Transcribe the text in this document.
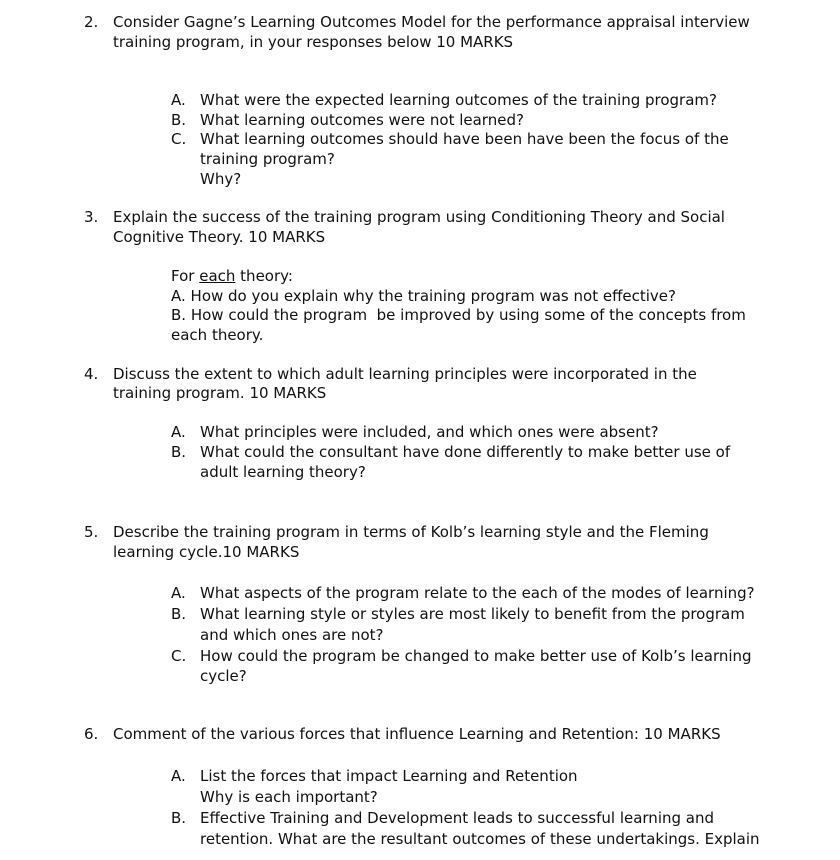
2. Consider Gagne’s Learning Outcomes Model for the performance appraisal interview
training program, in your responses below 10 MARKS
A. What were the expected learning outcomes of the training program?
B. What learning outcomes were not learned?
C. What learning outcomes should have been have been the focus of the
training program?
Why?
3. Explain the success of the training program using Conditioning Theory and Social
Cognitive Theory. 10 MARKS
For each theory:
A. How do you explain why the training program was not effective?
B. How could the program  be improved by using some of the concepts from
each theory.
4. Discuss the extent to which adult learning principles were incorporated in the
training program. 10 MARKS
A. What principles were included, and which ones were absent?
B. What could the consultant have done differently to make better use of
adult learning theory?
5. Describe the training program in terms of Kolb’s learning style and the Fleming
learning cycle.10 MARKS
A. What aspects of the program relate to the each of the modes of learning?
B. What learning style or styles are most likely to benefit from the program
and which ones are not?
C. How could the program be changed to make better use of Kolb’s learning
cycle?
6. Comment of the various forces that influence Learning and Retention: 10 MARKS
A. List the forces that impact Learning and Retention
Why is each important?
B. Effective Training and Development leads to successful learning and
retention. What are the resultant outcomes of these undertakings. Explain
